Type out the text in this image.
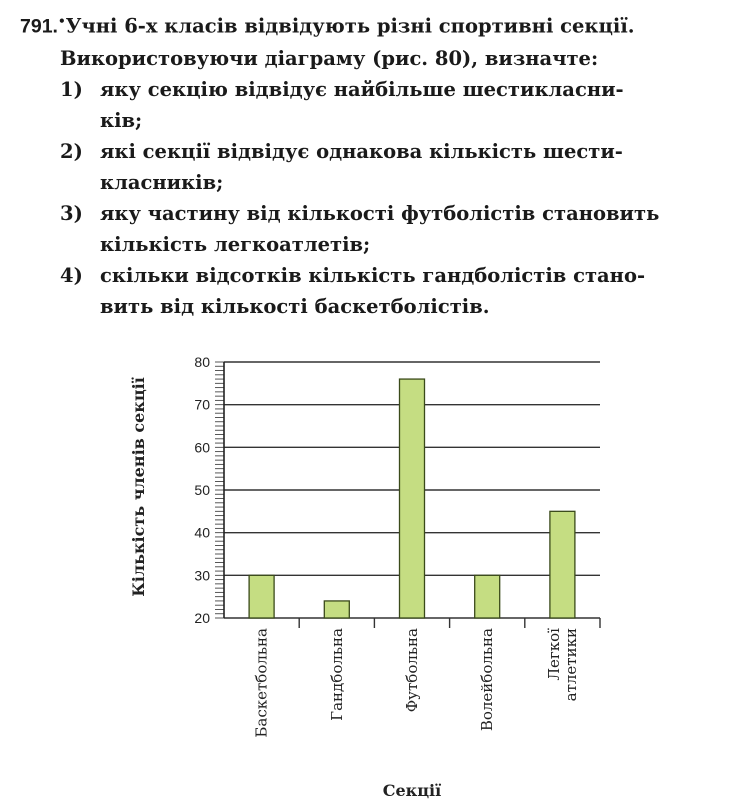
791.•Учні 6-х класів відвідують різні спортивні секції.
Використовуючи діаграму (рис. 80), визначте:
1) яку секцію відвідує найбільше шестикласни-
ків;
2) які секції відвідує однакова кількість шести-
класників;
3) яку частину від кількості футболістів становить
кількість легкоатлетів;
4) скільки відсотків кількість гандболістів стано-
вить від кількості баскетболістів.
20
30
40
50
60
70
80
Баскетбольна	Гандбольна	Футбольна	Волейбольна	Легкої атлетики
Секції
Кількість членів секції
